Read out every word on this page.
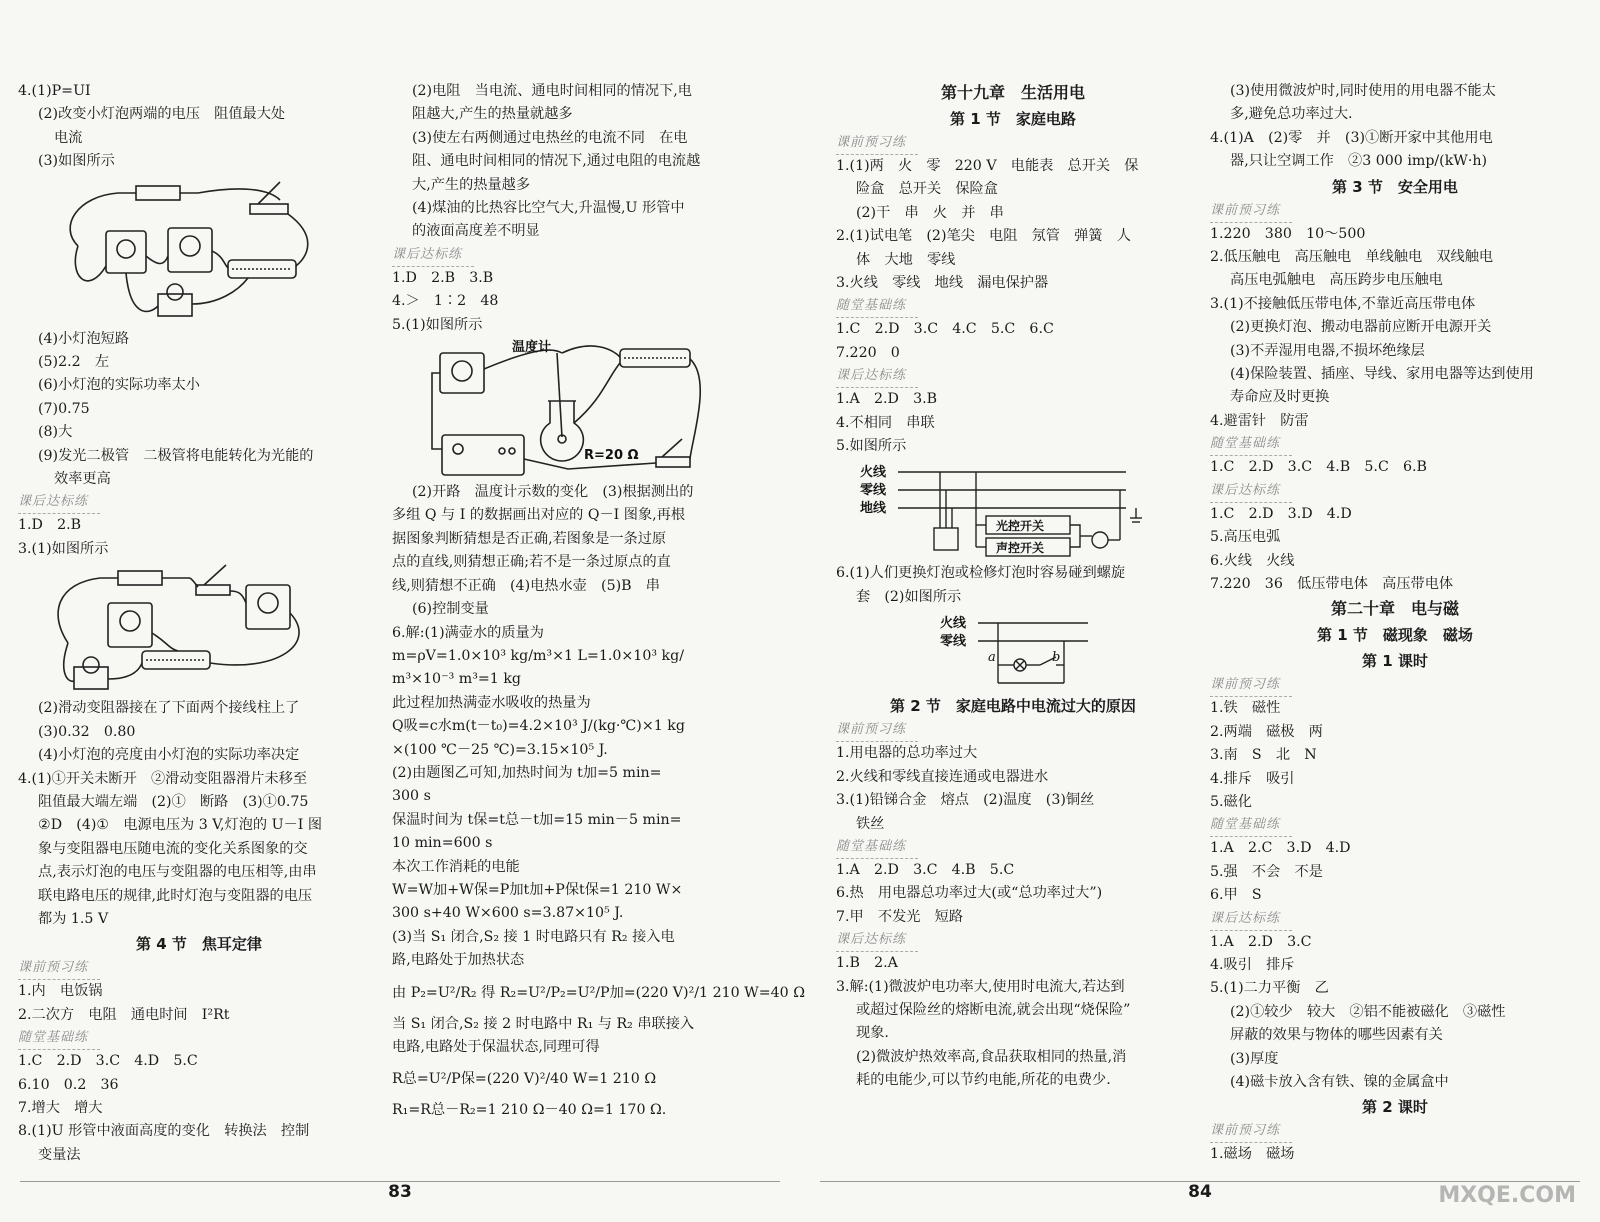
4.(1)P=UI
(2)改变小灯泡两端的电压　阻值最大处
电流
(3)如图所示
(4)小灯泡短路
(5)2.2　左
(6)小灯泡的实际功率太小
(7)0.75
(8)大
(9)发光二极管　二极管将电能转化为光能的
效率更高
课后达标练
1.D　2.B
3.(1)如图所示
(2)滑动变阻器接在了下面两个接线柱上了
(3)0.32　0.80
(4)小灯泡的亮度由小灯泡的实际功率决定
4.(1)①开关未断开　②滑动变阻器滑片未移至
阻值最大端左端　(2)①　断路　(3)①0.75
②D　(4)①　电源电压为 3 V,灯泡的 U－I 图
象与变阻器电压随电流的变化关系图象的交
点,表示灯泡的电压与变阻器的电压相等,由串
联电路电压的规律,此时灯泡与变阻器的电压
都为 1.5 V
第 4 节　焦耳定律
课前预习练
1.内　电饭锅
2.二次方　电阻　通电时间　I²Rt
随堂基础练
1.C　2.D　3.C　4.D　5.C
6.10　0.2　36
7.增大　增大
8.(1)U 形管中液面高度的变化　转换法　控制
变量法
(2)电阻　当电流、通电时间相同的情况下,电
阻越大,产生的热量就越多
(3)使左右两侧通过电热丝的电流不同　在电
阻、通电时间相同的情况下,通过电阻的电流越
大,产生的热量越多
(4)煤油的比热容比空气大,升温慢,U 形管中
的液面高度差不明显
课后达标练
1.D　2.B　3.B
4.＞　1∶2　48
5.(1)如图所示
温度计
R=20 Ω
(2)开路　温度计示数的变化　(3)根据测出的
多组 Q 与 I 的数据画出对应的 Q－I 图象,再根
据图象判断猜想是否正确,若图象是一条过原
点的直线,则猜想正确;若不是一条过原点的直
线,则猜想不正确　(4)电热水壶　(5)B　串
(6)控制变量
6.解:(1)满壶水的质量为
m=ρV=1.0×10³ kg/m³×1 L=1.0×10³ kg/
m³×10⁻³ m³=1 kg
此过程加热满壶水吸收的热量为
Q吸=c水m(t－t₀)=4.2×10³ J/(kg·℃)×1 kg
×(100 ℃－25 ℃)=3.15×10⁵ J.
(2)由题图乙可知,加热时间为 t加=5 min=
300 s
保温时间为 t保=t总－t加=15 min－5 min=
10 min=600 s
本次工作消耗的电能
W=W加+W保=P加t加+P保t保=1 210 W×
300 s+40 W×600 s=3.87×10⁵ J.
(3)当 S₁ 闭合,S₂ 接 1 时电路只有 R₂ 接入电
路,电路处于加热状态
由 P₂=U²/R₂ 得 R₂=U²/P₂=U²/P加=(220 V)²/1 210 W=40 Ω
当 S₁ 闭合,S₂ 接 2 时电路中 R₁ 与 R₂ 串联接入
电路,电路处于保温状态,同理可得
R总=U²/P保=(220 V)²/40 W=1 210 Ω
R₁=R总－R₂=1 210 Ω－40 Ω=1 170 Ω.
83
第十九章　生活用电
第 1 节　家庭电路
课前预习练
1.(1)两　火　零　220 V　电能表　总开关　保
险盒　总开关　保险盒
(2)干　串　火　并　串
2.(1)试电笔　(2)笔尖　电阻　氖管　弹簧　人
体　大地　零线
3.火线　零线　地线　漏电保护器
随堂基础练
1.C　2.D　3.C　4.C　5.C　6.C
7.220　0
课后达标练
1.A　2.D　3.B
4.不相同　串联
5.如图所示
火线
零线
地线
光控开关
声控开关
6.(1)人们更换灯泡或检修灯泡时容易碰到螺旋
套　(2)如图所示
火线
零线
a	b
第 2 节　家庭电路中电流过大的原因
课前预习练
1.用电器的总功率过大
2.火线和零线直接连通或电器进水
3.(1)铅锑合金　熔点　(2)温度　(3)铜丝
铁丝
随堂基础练
1.A　2.D　3.C　4.B　5.C
6.热　用电器总功率过大(或“总功率过大”)
7.甲　不发光　短路
课后达标练
1.B　2.A
3.解:(1)微波炉电功率大,使用时电流大,若达到
或超过保险丝的熔断电流,就会出现“烧保险”
现象.
(2)微波炉热效率高,食品获取相同的热量,消
耗的电能少,可以节约电能,所花的电费少.
(3)使用微波炉时,同时使用的用电器不能太
多,避免总功率过大.
4.(1)A　(2)零　并　(3)①断开家中其他用电
器,只让空调工作　②3 000 imp/(kW·h)
第 3 节　安全用电
课前预习练
1.220　380　10～500
2.低压触电　高压触电　单线触电　双线触电
高压电弧触电　高压跨步电压触电
3.(1)不接触低压带电体,不靠近高压带电体
(2)更换灯泡、搬动电器前应断开电源开关
(3)不弄湿用电器,不损坏绝缘层
(4)保险装置、插座、导线、家用电器等达到使用
寿命应及时更换
4.避雷针　防雷
随堂基础练
1.C　2.D　3.C　4.B　5.C　6.B
课后达标练
1.C　2.D　3.D　4.D
5.高压电弧
6.火线　火线
7.220　36　低压带电体　高压带电体
第二十章　电与磁
第 1 节　磁现象　磁场
第 1 课时
课前预习练
1.铁　磁性
2.两端　磁极　两
3.南　S　北　N
4.排斥　吸引
5.磁化
随堂基础练
1.A　2.C　3.D　4.D
5.强　不会　不是
6.甲　S
课后达标练
1.A　2.D　3.C
4.吸引　排斥
5.(1)二力平衡　乙
(2)①较少　较大　②铝不能被磁化　③磁性
屏蔽的效果与物体的哪些因素有关
(3)厚度
(4)磁卡放入含有铁、镍的金属盒中
第 2 课时
课前预习练
1.磁场　磁场
84	MXQE.COM
